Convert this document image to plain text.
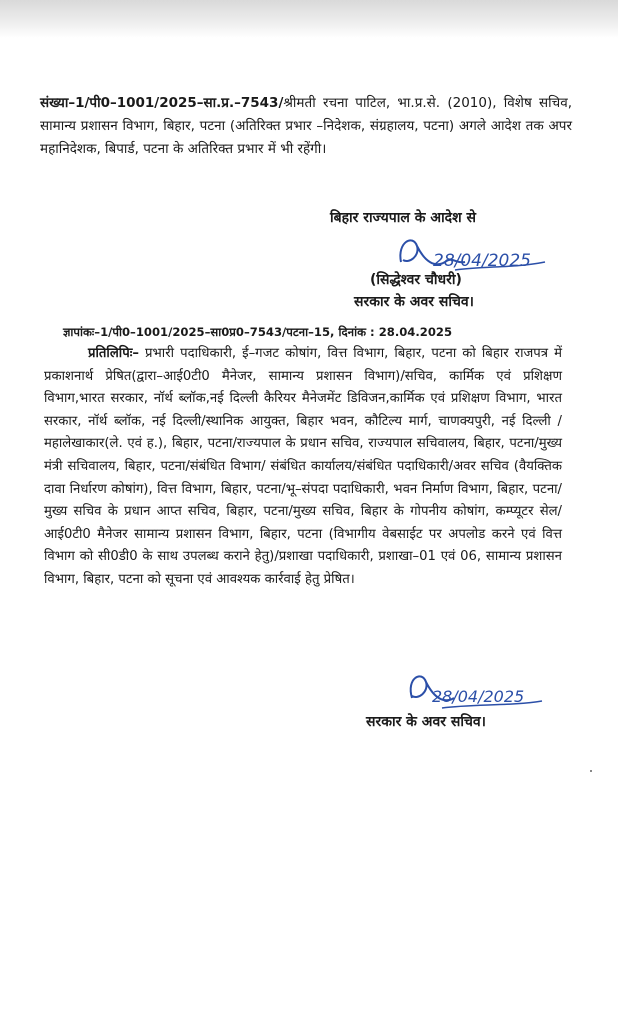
संख्या–1/पी0–1001/2025–सा.प्र.–7543/श्रीमती रचना पाटिल, भा.प्र.से. (2010), विशेष सचिव, सामान्य प्रशासन विभाग, बिहार, पटना (अतिरिक्त प्रभार –निदेशक, संग्रहालय, पटना) अगले आदेश तक अपर महानिदेशक, बिपार्ड, पटना के अतिरिक्त प्रभार में भी रहेंगी।

बिहार राज्यपाल के आदेश से
28/04/2025
(सिद्धेश्वर चौधरी)
सरकार के अवर सचिव।
ज्ञापांकः–1/पी0–1001/2025–सा0प्र0–7543/पटना–15, दिनांक : 28.04.2025

प्रतिलिपिः– प्रभारी पदाधिकारी, ई–गजट कोषांग, वित्त विभाग, बिहार, पटना को बिहार राजपत्र में प्रकाशनार्थ प्रेषित(द्वारा–आई0टी0 मैनेजर, सामान्य प्रशासन विभाग)/सचिव, कार्मिक एवं प्रशिक्षण विभाग,भारत सरकार, नॉर्थ ब्लॉक,नई दिल्ली कैरियर मैनेजमेंट डिविजन,कार्मिक एवं प्रशिक्षण विभाग, भारत सरकार, नॉर्थ ब्लॉक, नई दिल्ली/स्थानिक आयुक्त, बिहार भवन, कौटिल्य मार्ग, चाणक्यपुरी, नई दिल्ली /महालेखाकार(ले. एवं ह.), बिहार, पटना/राज्यपाल के प्रधान सचिव, राज्यपाल सचिवालय, बिहार, पटना/मुख्य मंत्री सचिवालय, बिहार, पटना/संबंधित विभाग/ संबंधित कार्यालय/संबंधित पदाधिकारी/अवर सचिव (वैयक्तिक दावा निर्धारण कोषांग), वित्त विभाग, बिहार, पटना/भू–संपदा पदाधिकारी, भवन निर्माण विभाग, बिहार, पटना/मुख्य सचिव के प्रधान आप्त सचिव, बिहार, पटना/मुख्य सचिव, बिहार के गोपनीय कोषांग, कम्प्यूटर सेल/आई0टी0 मैनेजर सामान्य प्रशासन विभाग, बिहार, पटना (विभागीय वेबसाईट पर अपलोड करने एवं वित्त विभाग को सी0डी0 के साथ उपलब्ध कराने हेतु)/प्रशाखा पदाधिकारी, प्रशाखा–01 एवं 06, सामान्य प्रशासन विभाग, बिहार, पटना को सूचना एवं आवश्यक कार्रवाई हेतु प्रेषित।

28/04/2025
सरकार के अवर सचिव।
